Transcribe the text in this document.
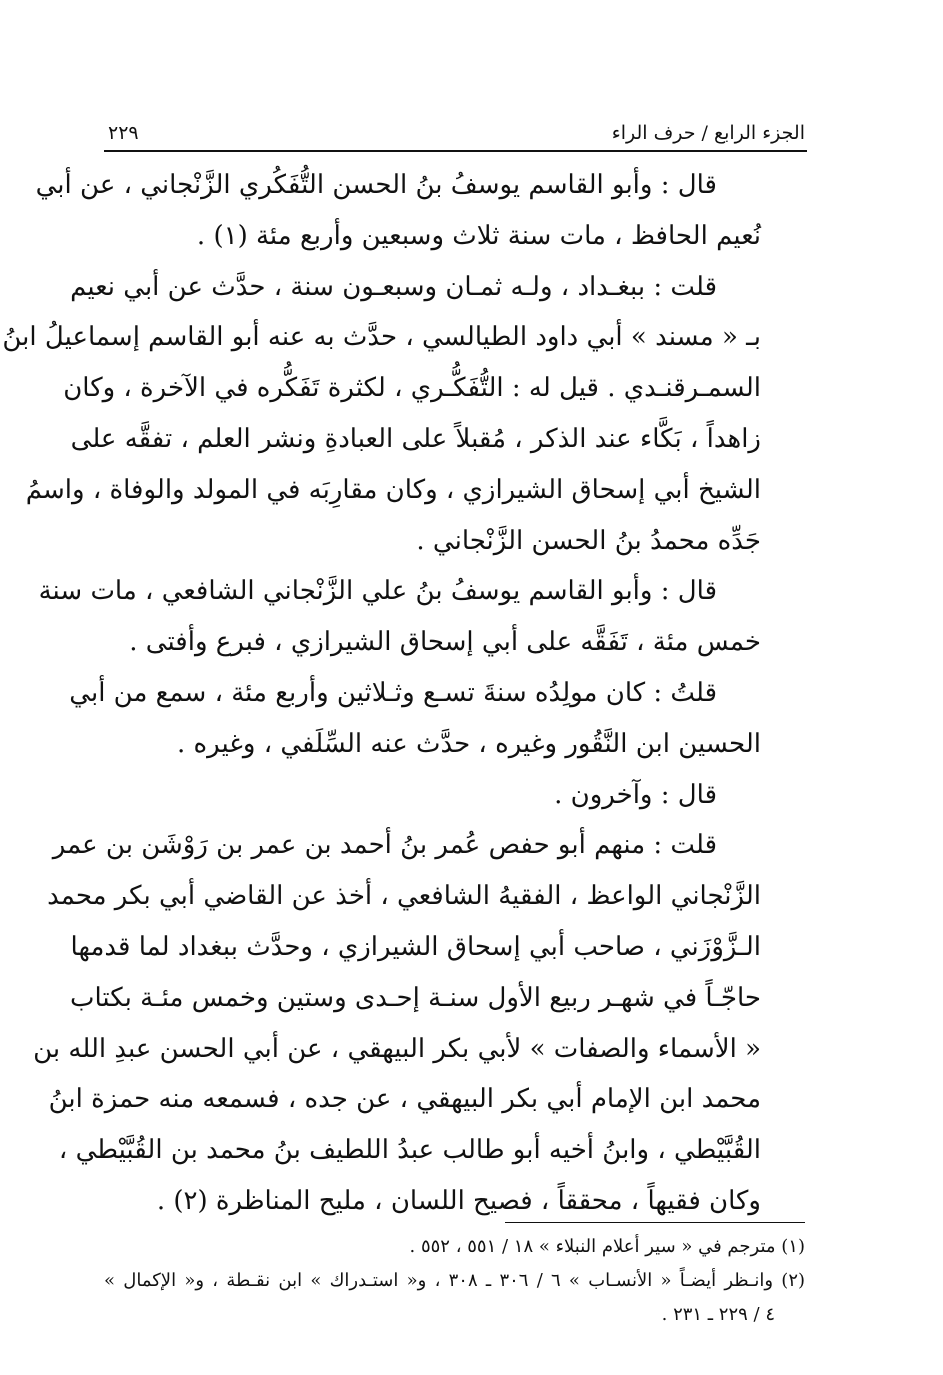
الجزء الرابع / حرف الراء
٢٢٩
قال : وأبو القاسم يوسفُ بنُ الحسن التُّفَكُري الزَّنْجاني ، عن أبي
نُعيم الحافظ ، مات سنة ثلاث وسبعين وأربع مئة (١) .
قلت : ببغـداد ، ولـه ثمـان وسبعـون سنة ، حدَّث عن أبي نعيم
بـ « مسند » أبي داود الطيالسي ، حدَّث به عنه أبو القاسم إسماعيلُ ابنُ
السمـرقنـدي . قيل له : التُّفَكُّـري ، لكثرة تَفَكُّره في الآخرة ، وكان
زاهداً ، بَكَّاء عند الذكر ، مُقبلاً على العبادةِ ونشر العلم ، تفقَّه على
الشيخ أبي إسحاق الشيرازي ، وكان مقارِبَه في المولد والوفاة ، واسمُ
جَدِّه محمدُ بنُ الحسن الزَّنْجاني .
قال : وأبو القاسم يوسفُ بنُ علي الزَّنْجاني الشافعي ، مات سنة
خمس مئة ، تَفَقَّه على أبي إسحاق الشيرازي ، فبرع وأفتى .
قلتُ : كان مولِدُه سنةَ تسـع وثـلاثين وأربع مئة ، سمع من أبي
الحسين ابن النَّقُور وغيره ، حدَّث عنه السِّلَفي ، وغيره .
قال : وآخرون .
قلت : منهم أبو حفص عُمر بنُ أحمد بن عمر بن رَوْشَن بن عمر
الزَّنْجاني الواعظ ، الفقيهُ الشافعي ، أخذ عن القاضي أبي بكر محمد
الـزَّوْزَني ، صاحب أبي إسحاق الشيرازي ، وحدَّث ببغداد لما قدمها
حاجّـاً في شهـر ربيع الأول سنـة إحـدى وستين وخمس مئـة بكتاب
« الأسماء والصفات » لأبي بكر البيهقي ، عن أبي الحسن عبدِ الله بن
محمد ابن الإمام أبي بكر البيهقي ، عن جده ، فسمعه منه حمزة ابنُ
القُبَّيْطي ، وابنُ أخيه أبو طالب عبدُ اللطيف بنُ محمد بن القُبَّيْطي ،
وكان فقيهاً ، محققاً ، فصيح اللسان ، مليح المناظرة (٢) .
(١) مترجم في « سير أعلام النبلاء » ١٨ / ٥٥١ ، ٥٥٢ .
(٢) وانـظر أيضـاً « الأنسـاب » ٦ / ٣٠٦ ـ ٣٠٨ ، و« استـدراك » ابن نقـطة ، و« الإكمال »
٤ / ٢٢٩ ـ ٢٣١ .
